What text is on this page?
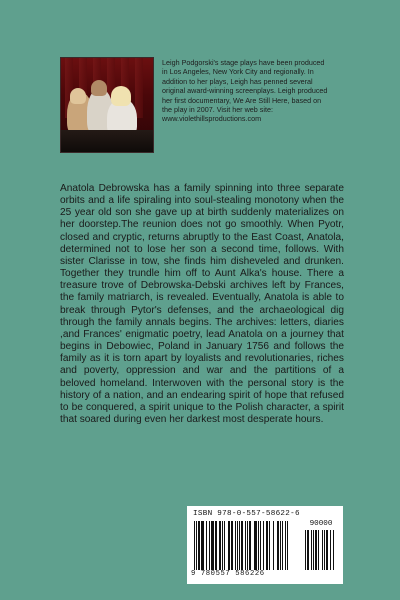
Leigh Podgorski's stage plays have been produced in Los Angeles, New York City and regionally. In addition to her plays, Leigh has penned several original award-winning screenplays. Leigh produced her first documentary, We Are Still Here, based on the play in 2007. Visit her web site: www.violethillsproductions.com

Anatola Debrowska has a family spinning into three separate orbits and a life spiraling into soul-stealing monotony when the 25 year old son she gave up at birth suddenly materializes on her doorstep.The reunion does not go smoothly. When Pyotr, closed and cryptic, returns abruptly to the East Coast, Anatola, determined not to lose her son a second time, follows. With sister Clarisse in tow, she finds him disheveled and drunken. Together they trundle him off to Aunt Alka's house. There a treasure trove of Debrowska-Debski archives left by Frances, the family matriarch, is revealed. Eventually, Anatola is able to break through Pytor's defenses, and the archaeological dig through the family annals begins. The archives: letters, diaries ,and Frances' enigmatic poetry, lead Anatola on a journey that begins in Debowiec, Poland in January 1756 and follows the family as it is torn apart by loyalists and revolutionaries, riches and poverty, oppression and war and the partitions of a beloved homeland. Interwoven with the personal story is the history of a nation, and an endearing spirit of hope that refused to be conquered, a spirit unique to the Polish character, a spirit that soared during even her darkest most desperate hours.

ISBN 978-0-557-58622-6
90000
9 780557 586226
